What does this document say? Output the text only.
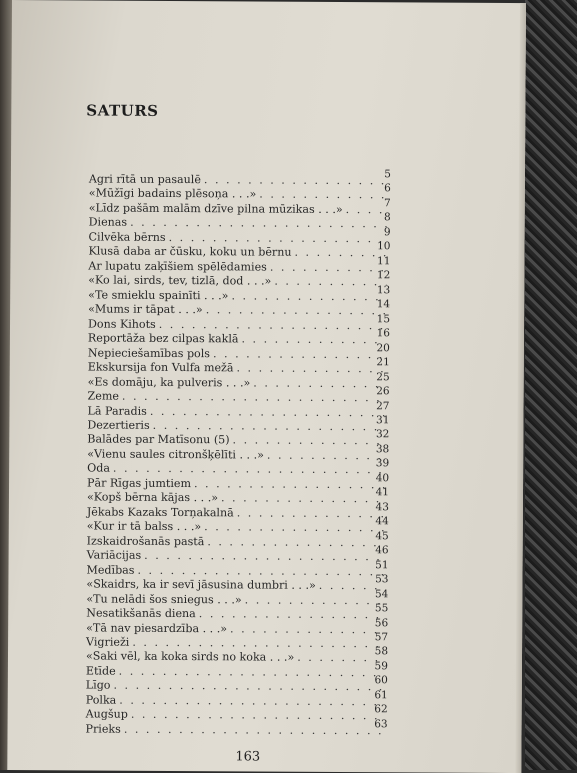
SATURS
Agri rītā un pasaulē . . .	5
«Mūžīgi badains plēsoņa . . .» . . .	6
«Līdz pašām malām dzīve pilna mūzikas . . .» . . .	7
Dienas . . .	8
Cilvēka bērns . . .	9
Klusā daba ar čūsku, koku un bērnu . . .	10
Ar lupatu zaķīšiem spēlēdamies . . .	11
«Ko lai, sirds, tev, tizlā, dod . . .» . . .	12
«Te smieklu spainīti . . .» . . .	13
«Mums ir tāpat . . .» . . .	14
Dons Kihots . . .	15
Reportāža bez cilpas kaklā . . .	16
Nepieciešamības pols . . .	20
Ekskursija fon Vulfa mežā . . .	21
«Es domāju, ka pulveris . . .» . . .	25
Zeme . . .	26
Lā Paradis . . .	27
Dezertieris . . .	31
Balādes par Matīsonu (5) . . .	32
«Vienu saules citronšķēlīti . . .» . . .	38
Oda . . .	39
Pār Rīgas jumtiem . . .	40
«Kopš bērna kājas . . .» . . .	41
Jēkabs Kazaks Torņakalnā . . .	43
«Kur ir tā balss . . .» . . .	44
Izskaidrošanās pastā . . .	45
Variācijas . . .	46
Medības . . .	51
«Skaidrs, ka ir sevī jāsusina dumbri . . .» . . .	53
«Tu nelādi šos sniegus . . .» . . .	54
Nesatikšanās diena . . .	55
«Tā nav piesardzība . . .» . . .	56
Vigrieži . . .	57
«Saki vēl, ka koka sirds no koka . . .» . . .	58
Etīde . . .	59
Līgo . . .	60
Polka . . .	61
Augšup . . .	62
Prieks . . .	63
163
